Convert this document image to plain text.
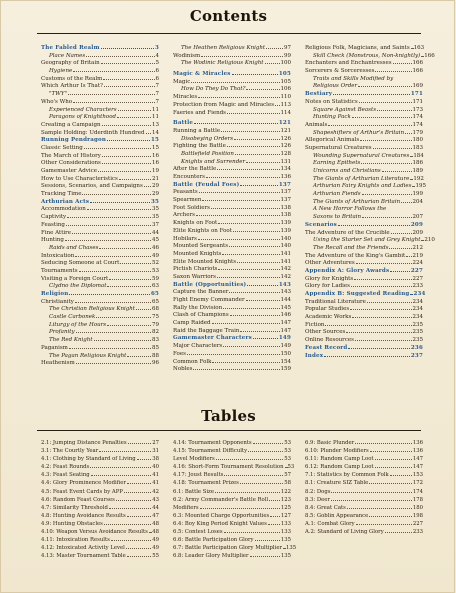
Contents
The Fabled Realm	3
Place Names	4
Geography of Britain	5
Hygiene	6
Customs of the Realm	6
Which Arthur Is That?	7
"TWY"	7
Who's Who	7
Experienced Characters	11
Paragons of Knighthood	11
Creating a Campaign	13
Sample Holding: Uderdinth Hundred 14
Running Pendragon	15
Classic Setting	15
The March of History	16
Other Considerations	16
Gamemaster Advice	19
How to Use Characteristics	21
Sessions, Scenarios, and Campaigns 29
Tracking Time	29
Arthurian Acts	35
Accommodation	35
Captivity	35
Feasting	37
Fine Attire	44
Hunting	45
Raids and Chases	46
Intoxication	49
Seducing Someone at Court	52
Tournaments	53
Visiting a Foreign Court	59
Clydno the Diplomat	63
Religion	65
Christianity	65
The Christian Religious Knight	68
Castle Carbonek	75
Liturgy of the Hours	79
Profanity	82
The Red Knight	83
Paganism	85
The Pagan Religious Knight	88
Heathenism	96
The Heathen Religious Knight	97
Wodinism	99
The Wodinic Religious Knight	100
Magic & Miracles	105
Magic	105
How Do They Do That?	106
Miracles	110
Protection from Magic and Miracles 113
Faeries and Fiends	114
Battle	121
Running a Battle	121
Disobeying Orders	126
Fighting the Battle	126
Battlefield Position	128
Knights and Surrender	131
After the Battle	134
Encounters	136
Battle (Feudal Foes)	137
Peasants	137
Spearmen	137
Foot Soldiers	138
Archers	138
Knights on Foot	139
Elite Knights on Foot	139
Hobilars	140
Mounted Sergeants	140
Mounted Knights	141
Elite Mounted Knights	141
Pictish Chariots	142
Saxon Warriors	142
Battle (Opportunities)	143
Capture the Banner	143
Fight Enemy Commander	144
Rally the Division	145
Clash of Champions	146
Camp Raided	147
Raid the Baggage Train	147
Gamemaster Characters	149
Major Characters	149
Foes	150
Common Folk	154
Nobles	159
Religious Folk, Magicians, and Saints 163
Skill Check (Monstrous, Non-knightly) 166
Enchanters and Enchantresses	166
Sorcerers & Sorceresses	166
Traits and Skills Modified by
Religious Order	169
Bestiary	171
Notes on Statistics	171
Square Against Beasts	173
Hunting Pack	174
Animals	174
Shapeshifters of Arthur's Britain 179
Allegorical Animals	180
Supernatural Creatures	183
Wounding Supernatural Creatures 184
Earning Epithets	186
Unicorns and Christians	189
The Giants of Arthurian Literature 192
Arthurian Fairy Knights and Ladies 195
Arthurian Fiends	199
The Giants of Arthurian Britain 204
A New Horror Follows the
Saxons to Britain	207
Scenarios	209
The Adventure of the Crucible	209
Using the Starter Set and Grey Knight 210
The Recall and the Friends	212
The Adventure of the King's Gambit 219
Other Adventures	224
Appendix A: Glory Awards	227
Glory for Knights	227
Glory for Ladies	233
Appendix B: Suggested Reading 234
Traditional Literature	234
Popular Studies	234
Academic Works	234
Fiction	235
Other Sources	235
Online Resources	235
Feast Record	236
Index	237
Tables
2.1: Jumping Distance Penalties	27
3.1: The Courtly Year	31
4.1: Clothing by Standard of Living	38
4.2: Feast Rounds	40
4.3: Feast Seating	41
4.4: Glory Prominence Modifier	41
4.5: Feast Event Cards by APP	42
4.6: Random Feast Courses	43
4.7: Similarity Threshold	44
4.8: Hunting Avoidance Results	47
4.9: Hunting Obstacles	48
4.10: Weapon Versus Avoidance Results 48
4.11: Intoxication Results	49
4.12: Intoxicated Activity Level	49
4.13: Master Tournament Table	55
4.14: Tournament Opponents	53
4.15: Tournament Difficulty	53
Level Modifiers	53
4.16: Short-Form Tournament Resolution 53
4.17: Joust Results	57
4.18: Tournament Prizes	58
6.1: Battle Size	122
6.2: Army Commander's Battle Roll 123
Modifiers	125
6.3: Mounted Charge Opportunities 127
6.4: Boy King Period Knight Values	133
6.5: Contest Loses	133
6.6: Battle Participation Glory	135
6.7: Battle Participation Glory Multiplier 135
6.8: Leader Glory Multiplier	135
6.9: Basic Plunder	136
6.10: Plunder Modifiers	136
6.11: Random Camp Loot	147
6.12: Random Camp Loot	147
7.1: Statistics by Common Folk	153
8.1: Creature SIZ Table	172
8.2: Dogs	174
8.3: Deer	178
8.4: Great Cats	180
8.5: Goblin Appearance	198
A.1: Combat Glory	227
A.2: Standard of Living Glory	233
